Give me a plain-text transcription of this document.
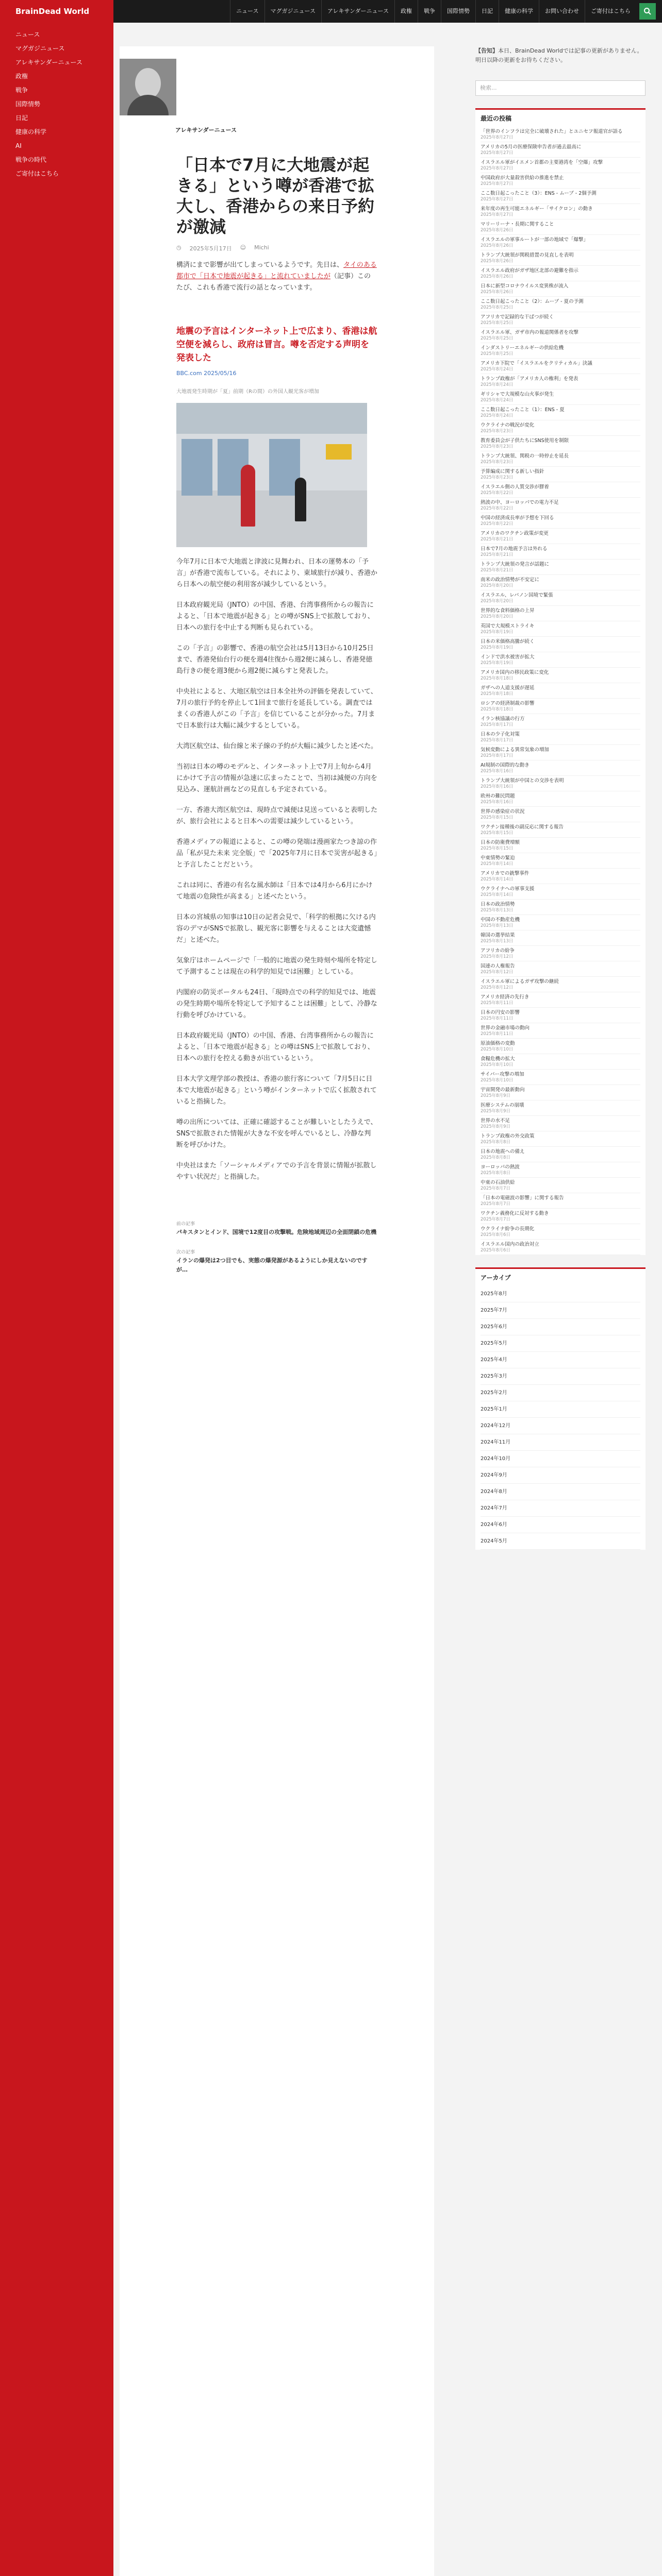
BrainDead World	ニュース	マグガジニュース	アレキサンダーニュース	政権	戦争	国際情勢	日記	健康の科学	お問い合わせ	ご寄付はこちら
ニュース
マグガジニュース
アレキサンダーニュース
政権
戦争
国際情勢
日記
健康の科学
AI
戦争の時代
ご寄付はこちら
アレキサンダーニュース
「日本で7月に大地震が起きる」という噂が香港で拡大し、香港からの来日予約が激減
◷ 2025年5月17日 ☺ Michi
構済にまで影響が出てしまっているようです。先日は、タイのある都市で「日本で地震が起きる」と流れていましたが（記事）このたび、これも香港で流行の話となっています。
地震の予言はインターネット上で広まり、香港は航空便を減らし、政府は冒言。噂を否定する声明を発表した
BBC.com 2025/05/16
大地震発生時期が「夏」前期（Rの間）の外国人観光客が増加

今年7月に日本で大地震と津波に見舞われ、日本の運勢本の「予言」が香港で流布している。それにより、東域旅行が減り、香港から日本への航空便の利用客が減少しているという。

日本政府観光局（JNTO）の中国、香港、台湾事務所からの報告によると、「日本で地震が起きる」との噂がSNS上で拡散しており、日本への旅行を中止する判断も見られている。

この「予言」の影響で、香港の航空会社は5月13日から10月25日まで、香港発仙台行の便を週4往復から週2便に減らし、香港発徳島行きの便を週3便から週2便に減らすと発表した。

中央社によると、大地区航空は日本全社外の評価を発表していて、7月の旅行予約を停止して1回まで旅行を延長している。調査ではまくの香港人がこの「予言」を信じていることが分かった。7月まで日本旅行は大幅に減少するとしている。

大湾区航空は、仙台線と米子線の予約が大幅に減少したと述べた。

当初は日本の噂のモデルと、インターネット上で7月上旬から4月にかけて予言の情報が急速に広まったことで、当初は減便の方向を見込み、運航計画などの見直しも予定されている。

一方、香港大湾区航空は、現時点で減便は見送っていると表明したが、旅行会社によると日本への需要は減少しているという。

香港メディアの報道によると、この噂の発端は漫画家たつき諒の作品「私が見た未来 完全版」で「2025年7月に日本で災害が起きる」と予言したことだという。

これは同に、香港の有名な風水師は「日本では4月から6月にかけて地震の危険性が高まる」と述べたという。

日本の宮城県の知事は10日の記者会見で、「科学的根拠に欠ける内容のデマがSNSで拡散し、観光客に影響を与えることは大変遺憾だ」と述べた。

気象庁はホームページで「一般的に地震の発生時刻や場所を特定して予測することは現在の科学的知見では困難」としている。

内閣府の防災ポータルも24日、「現時点での科学的知見では、地震の発生時期や場所を特定して予知することは困難」として、冷静な行動を呼びかけている。

日本政府観光局（JNTO）の中国、香港、台湾事務所からの報告によると、「日本で地震が起きる」との噂はSNS上で拡散しており、日本への旅行を控える動きが出ているという。

日本大学文理学部の教授は、香港の旅行客について「7月5日に日本で大地震が起きる」という噂がインターネットで広く拡散されていると指摘した。

噂の出所については、正確に確認することが難しいとしたうえで、SNSで拡散された情報が大きな不安を呼んでいるとし、冷静な判断を呼びかけた。

中央社はまた「ソーシャルメディアでの予言を背景に情報が拡散しやすい状況だ」と指摘した。

前の記事
パキスタンとインド、国境で12度目の攻撃戦。危険地域周辺の全面閉鎖の危機
次の記事
イランの爆発は2つ目でも、実態の爆発源があるようにしか見えないのですが…
【告知】本日、BrainDead Worldでは記事の更新がありません。明日以降の更新をお待ちください。
検索...
最近の投稿
「世界のインフラは完全に破壊された」とユニセフ報道官が語る
2025年8月27日
アメリカの5月の医療保険申告者が過去最高に
2025年8月27日
イスラエル軍がイエメン首都の主要港湾を「空爆」攻撃
2025年8月27日
中国政府が大量殺害供給の推進を禁止
2025年8月27日
ここ数日起こったこと（3）：ENS - ムーブ - 2個予測
2025年8月27日
来年度の再生可能エネルギー「サイクロン」の動き
2025年8月27日
マリーリーナ・長期に関すること
2025年8月26日
イスラエルの軍事ルートが一部の地域で「爆撃」
2025年8月26日
トランプ大統領が関税措置の見直しを表明
2025年8月26日
イスラエル政府がガザ地区北部の避難を指示
2025年8月26日
日本に新型コロナウイルス変異株が流入
2025年8月26日
ここ数日起こったこと（2）：ムーブ - 夏の予測
2025年8月25日
アフリカで記録的な干ばつが続く
2025年8月25日
イスラエル軍、ガザ市内の報道関係者を攻撃
2025年8月25日
インダストリーエネルギーの供給危機
2025年8月25日
アメリカ下院で「イスラエルをクリティカル」決議
2025年8月24日
トランプ政権が「アメリカ人の権利」を発表
2025年8月24日
ギリシャで大規模な山火事が発生
2025年8月24日
ここ数日起こったこと（1）：ENS - 夏
2025年8月24日
ウクライナの戦況が変化
2025年8月23日
教育委員会が子供たちにSNS使用を制限
2025年8月23日
トランプ大統領、関税の一時停止を延長
2025年8月23日
予算編成に関する新しい指針
2025年8月23日
イスラエル側の人質交渉が膠着
2025年8月22日
熱波の中、ヨーロッパでの電力不足
2025年8月22日
中国の経済成長率が予想を下回る
2025年8月22日
アメリカのワクチン政策が変更
2025年8月21日
日本で7月の地震予言は外れる
2025年8月21日
トランプ大統領の発言が話題に
2025年8月21日
南米の政治情勢が不安定に
2025年8月20日
イスラエル、レバノン国境で緊張
2025年8月20日
世界的な食料価格の上昇
2025年8月20日
英国で大規模ストライキ
2025年8月19日
日本の米価格高騰が続く
2025年8月19日
インドで洪水被害が拡大
2025年8月19日
アメリカ国内の移民政策に変化
2025年8月18日
ガザへの人道支援が遅延
2025年8月18日
ロシアの経済制裁の影響
2025年8月18日
イラン核協議の行方
2025年8月17日
日本の少子化対策
2025年8月17日
気候変動による異常気象の増加
2025年8月17日
AI規制の国際的な動き
2025年8月16日
トランプ大統領が中国との交渉を表明
2025年8月16日
欧州の難民問題
2025年8月16日
世界の感染症の状況
2025年8月15日
ワクチン接種後の副反応に関する報告
2025年8月15日
日本の防衛費増額
2025年8月15日
中東情勢の緊迫
2025年8月14日
アメリカでの銃撃事件
2025年8月14日
ウクライナへの軍事支援
2025年8月14日
日本の政治情勢
2025年8月13日
中国の不動産危機
2025年8月13日
韓国の選挙結果
2025年8月13日
アフリカの紛争
2025年8月12日
国連の人権報告
2025年8月12日
イスラエル軍によるガザ攻撃の継続
2025年8月12日
アメリカ経済の先行き
2025年8月11日
日本の円安の影響
2025年8月11日
世界の金融市場の動向
2025年8月11日
原油価格の変動
2025年8月10日
食糧危機の拡大
2025年8月10日
サイバー攻撃の増加
2025年8月10日
宇宙開発の最新動向
2025年8月9日
医療システムの崩壊
2025年8月9日
世界の水不足
2025年8月9日
トランプ政権の外交政策
2025年8月8日
日本の地震への備え
2025年8月8日
ヨーロッパの熱波
2025年8月8日
中東の石油供給
2025年8月7日
「日本の電磁波の影響」に関する報告
2025年8月7日
ワクチン義務化に反対する動き
2025年8月7日
ウクライナ紛争の長期化
2025年8月6日
イスラエル国内の政治対立
2025年8月6日
アーカイブ
2025年8月
2025年7月
2025年6月
2025年5月
2025年4月
2025年3月
2025年2月
2025年1月
2024年12月
2024年11月
2024年10月
2024年9月
2024年8月
2024年7月
2024年6月
2024年5月
